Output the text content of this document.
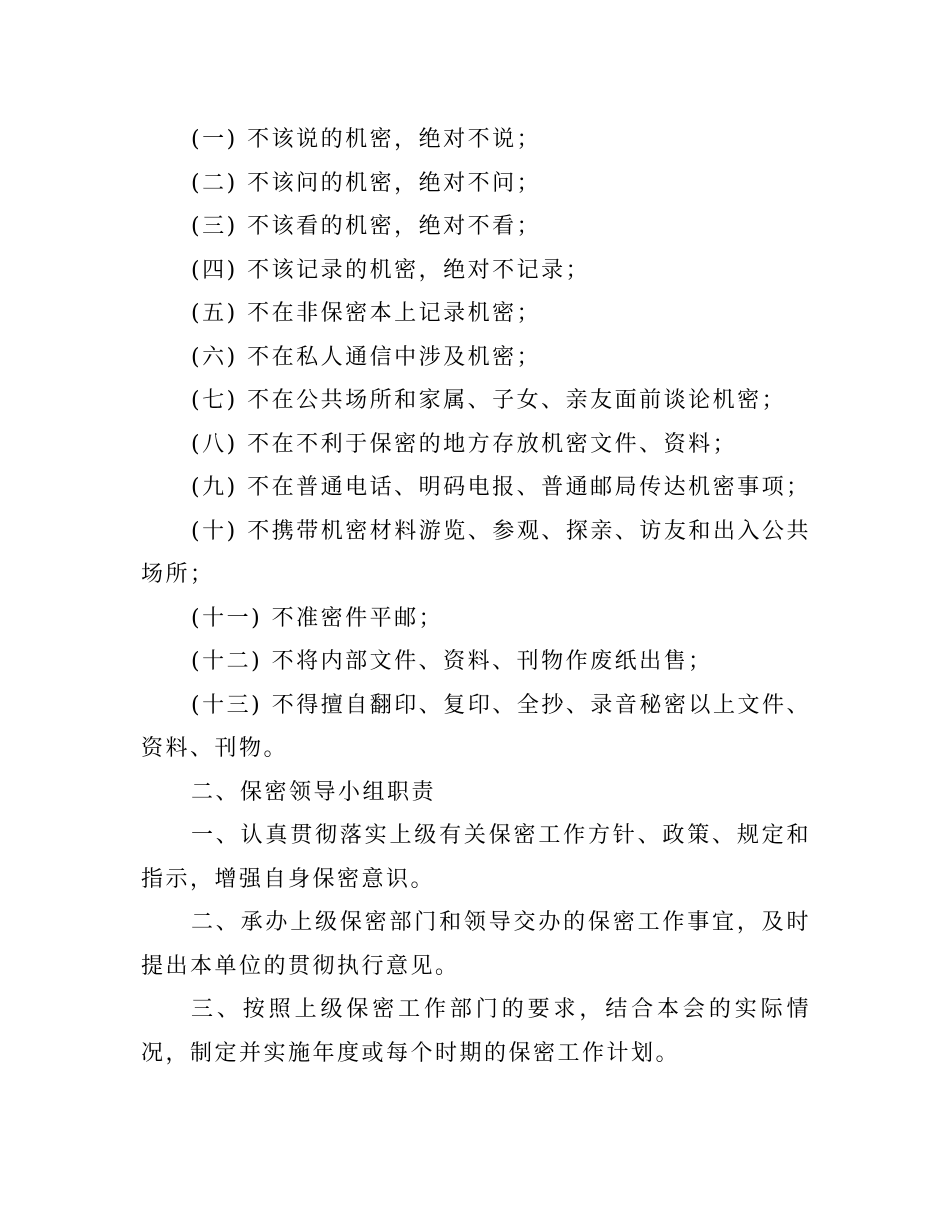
(一) 不该说的机密，绝对不说；

(二) 不该问的机密，绝对不问；

(三) 不该看的机密，绝对不看；

(四) 不该记录的机密，绝对不记录；

(五) 不在非保密本上记录机密；

(六) 不在私人通信中涉及机密；

(七) 不在公共场所和家属、子女、亲友面前谈论机密；

(八) 不在不利于保密的地方存放机密文件、资料；

(九) 不在普通电话、明码电报、普通邮局传达机密事项；

(十) 不携带机密材料游览、参观、探亲、访友和出入公共场所；

(十一) 不准密件平邮；

(十二) 不将内部文件、资料、刊物作废纸出售；

(十三) 不得擅自翻印、复印、全抄、录音秘密以上文件、资料、刊物。

二、保密领导小组职责

一、认真贯彻落实上级有关保密工作方针、政策、规定和指示，增强自身保密意识。

二、承办上级保密部门和领导交办的保密工作事宜，及时提出本单位的贯彻执行意见。

三、按照上级保密工作部门的要求，结合本会的实际情况，制定并实施年度或每个时期的保密工作计划。
